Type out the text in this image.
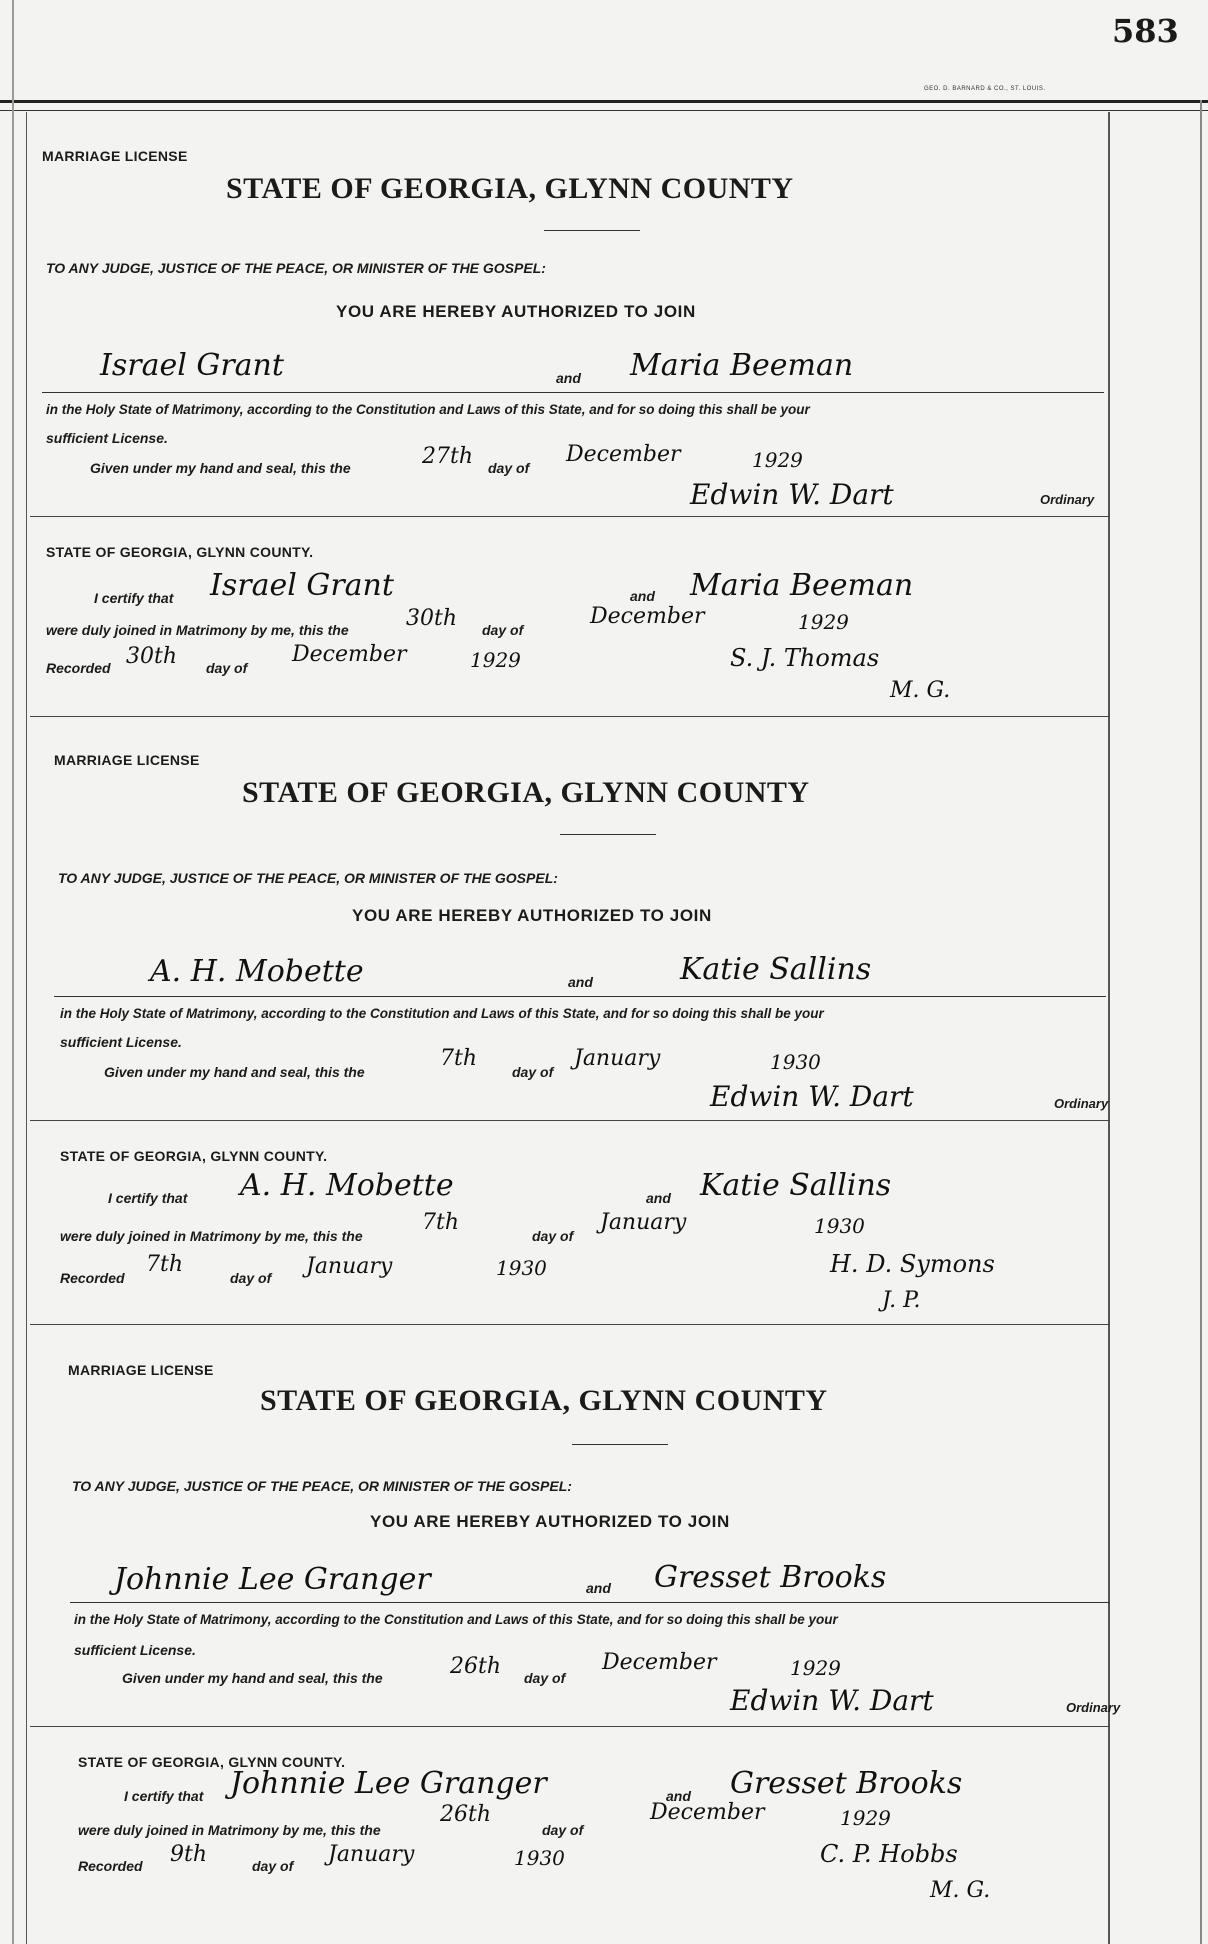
583
GEO. D. BARNARD & CO., ST. LOUIS.
MARRIAGE LICENSE
STATE OF GEORGIA, GLYNN COUNTY
TO ANY JUDGE, JUSTICE OF THE PEACE, OR MINISTER OF THE GOSPEL:
YOU ARE HEREBY AUTHORIZED TO JOIN
Israel Grant	and Maria Beeman
in the Holy State of Matrimony, according to the Constitution and Laws of this State, and for so doing this shall be your
sufficient License.
Given under my hand and seal, this the	27th day of
December	1929
Edwin W. Dart	Ordinary
STATE OF GEORGIA, GLYNN COUNTY.
I certify that Israel Grant	and Maria Beeman
were duly joined in Matrimony by me, this the	30th day of
December	1929
Recorded 30th day of
December	1929	S. J. Thomas
M. G.
MARRIAGE LICENSE
STATE OF GEORGIA, GLYNN COUNTY
TO ANY JUDGE, JUSTICE OF THE PEACE, OR MINISTER OF THE GOSPEL:
YOU ARE HEREBY AUTHORIZED TO JOIN
A. H. Mobette	and	Katie Sallins
in the Holy State of Matrimony, according to the Constitution and Laws of this State, and for so doing this shall be your
sufficient License.
Given under my hand and seal, this the
7th
day of
January	1930
Edwin W. Dart	Ordinary
STATE OF GEORGIA, GLYNN COUNTY.
I certify that A. H. Mobette	and Katie Sallins
were duly joined in Matrimony by me, this the
7th
day of
January	1930
Recorded
7th
day of January	1930	H. D. Symons
J. P.
MARRIAGE LICENSE
STATE OF GEORGIA, GLYNN COUNTY
TO ANY JUDGE, JUSTICE OF THE PEACE, OR MINISTER OF THE GOSPEL:
YOU ARE HEREBY AUTHORIZED TO JOIN
Johnnie Lee Granger	and Gresset Brooks
in the Holy State of Matrimony, according to the Constitution and Laws of this State, and for so doing this shall be your
sufficient License.
Given under my hand and seal, this the	26th day of
December	1929
Edwin W. Dart	Ordinary
STATE OF GEORGIA, GLYNN COUNTY.
I certify that Johnnie Lee Granger	and Gresset Brooks
were duly joined in Matrimony by me, this the
26th
day of
December	1929
Recorded 9th	day of January	1930	C. P. Hobbs
M. G.
